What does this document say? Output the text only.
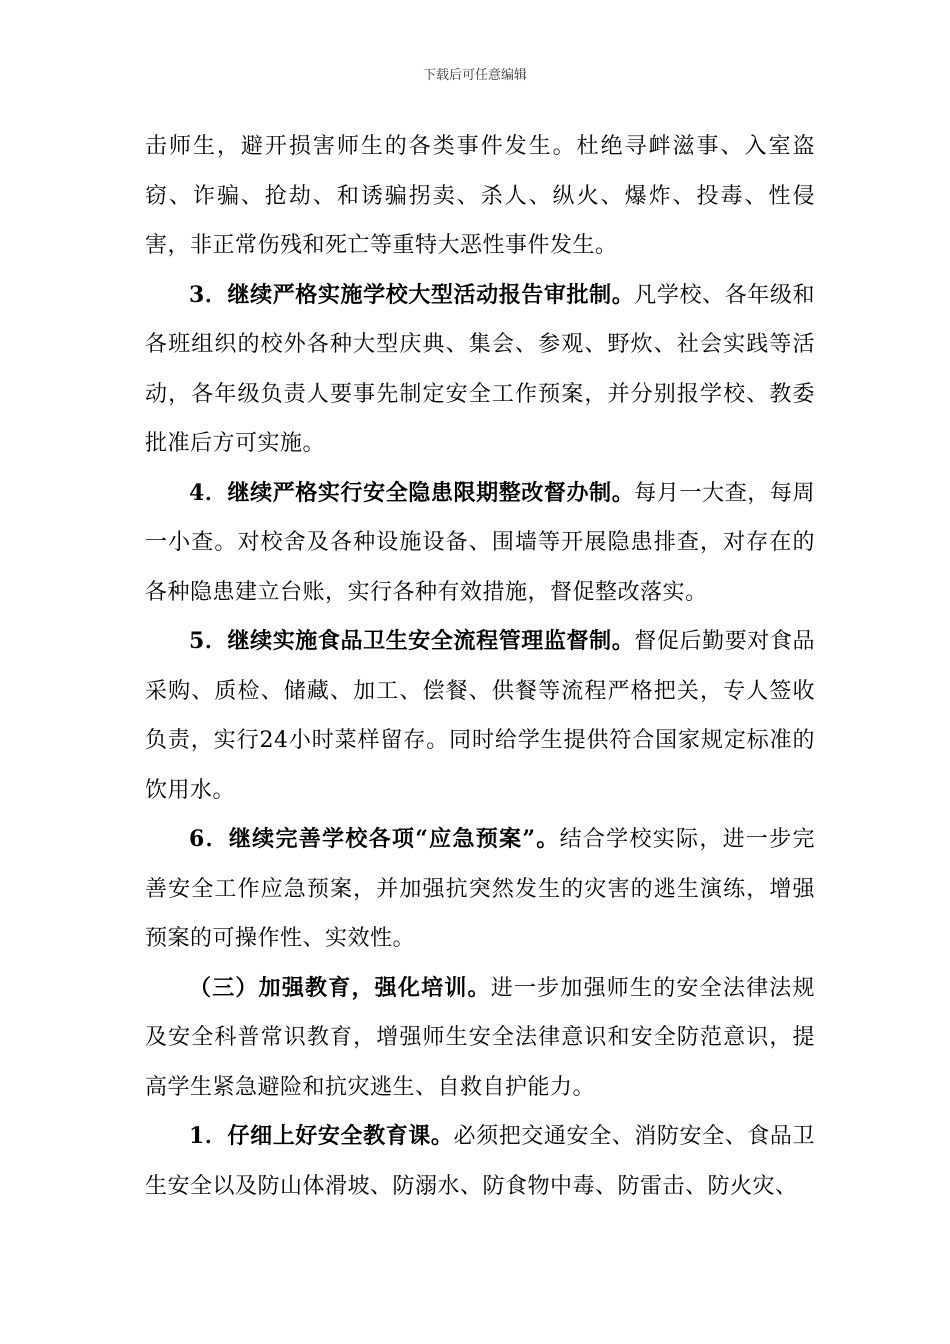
下载后可任意编辑

击师生，避开损害师生的各类事件发生。杜绝寻衅滋事、入室盗窃、诈骗、抢劫、和诱骗拐卖、杀人、纵火、爆炸、投毒、性侵害，非正常伤残和死亡等重特大恶性事件发生。

3．继续严格实施学校大型活动报告审批制。凡学校、各年级和各班组织的校外各种大型庆典、集会、参观、野炊、社会实践等活动，各年级负责人要事先制定安全工作预案，并分别报学校、教委批准后方可实施。

4．继续严格实行安全隐患限期整改督办制。每月一大查，每周一小查。对校舍及各种设施设备、围墙等开展隐患排查，对存在的各种隐患建立台账，实行各种有效措施，督促整改落实。

5．继续实施食品卫生安全流程管理监督制。督促后勤要对食品采购、质检、储藏、加工、偿餐、供餐等流程严格把关，专人签收负责，实行24小时菜样留存。同时给学生提供符合国家规定标准的饮用水。

6．继续完善学校各项“应急预案”。结合学校实际，进一步完善安全工作应急预案，并加强抗突然发生的灾害的逃生演练，增强预案的可操作性、实效性。

（三）加强教育，强化培训。进一步加强师生的安全法律法规及安全科普常识教育，增强师生安全法律意识和安全防范意识，提高学生紧急避险和抗灾逃生、自救自护能力。

1．仔细上好安全教育课。必须把交通安全、消防安全、食品卫生安全以及防山体滑坡、防溺水、防食物中毒、防雷击、防火灾、
